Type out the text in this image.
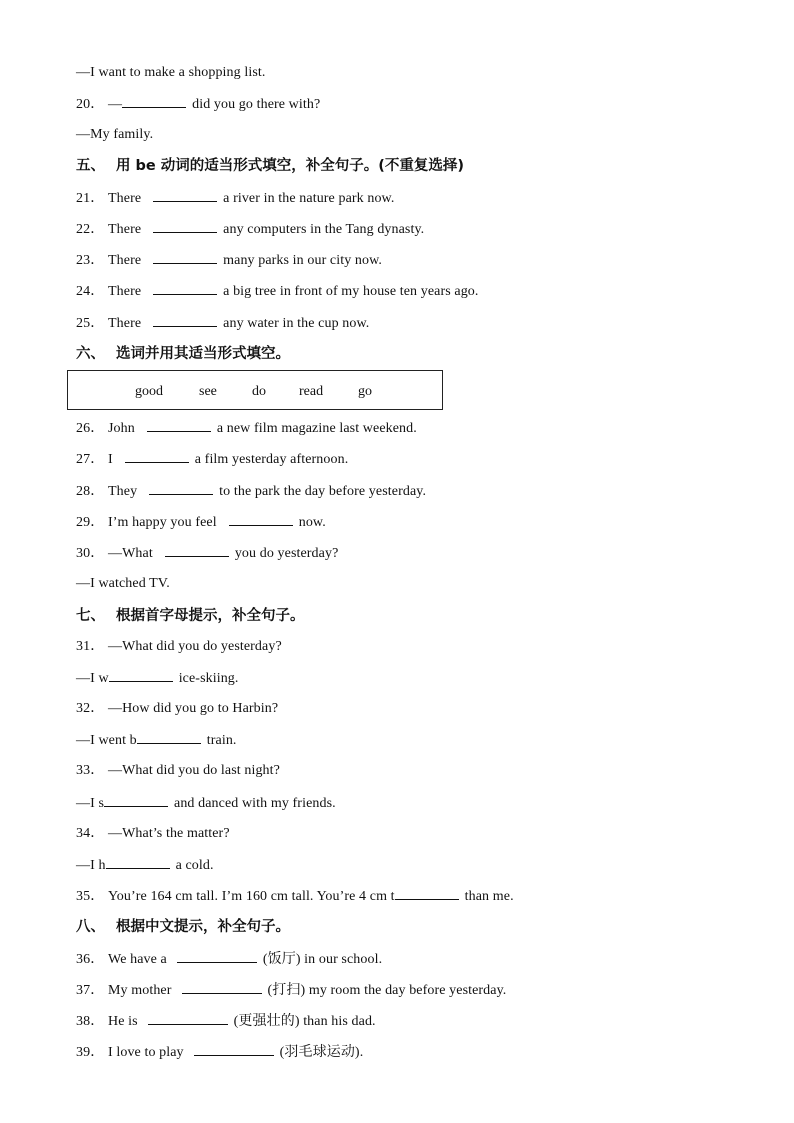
—I want to make a shopping list.
20． —	did you go there with?
—My family.
五、 用 be 动词的适当形式填空，补全句子。(不重复选择)
21． There	a river in the nature park now.
22． There	any computers in the Tang dynasty.
23． There	many parks in our city now.
24． There	a big tree in front of my house ten years ago.
25． There	any water in the cup now.
六、 选词并用其适当形式填空。
good	see	do read go
26． John	a new film magazine last weekend.
27． I	a film yesterday afternoon.
28． They	to the park the day before yesterday.
29． I’m happy you feel	now.
30． —What	you do yesterday?
—I watched TV.
七、 根据首字母提示，补全句子。
31． —What did you do yesterday?
—I w	ice-skiing.
32． —How did you go to Harbin?
—I went b	train.
33． —What did you do last night?
—I s	and danced with my friends.
34． —What’s the matter?
—I h	a cold.
35． You’re 164 cm tall. I’m 160 cm tall. You’re 4 cm t	than me.
八、 根据中文提示，补全句子。
36． We have a	(饭厅) in our school.
37． My mother	(打扫) my room the day before yesterday.
38． He is	(更强壮的) than his dad.
39． I love to play	(羽毛球运动).
